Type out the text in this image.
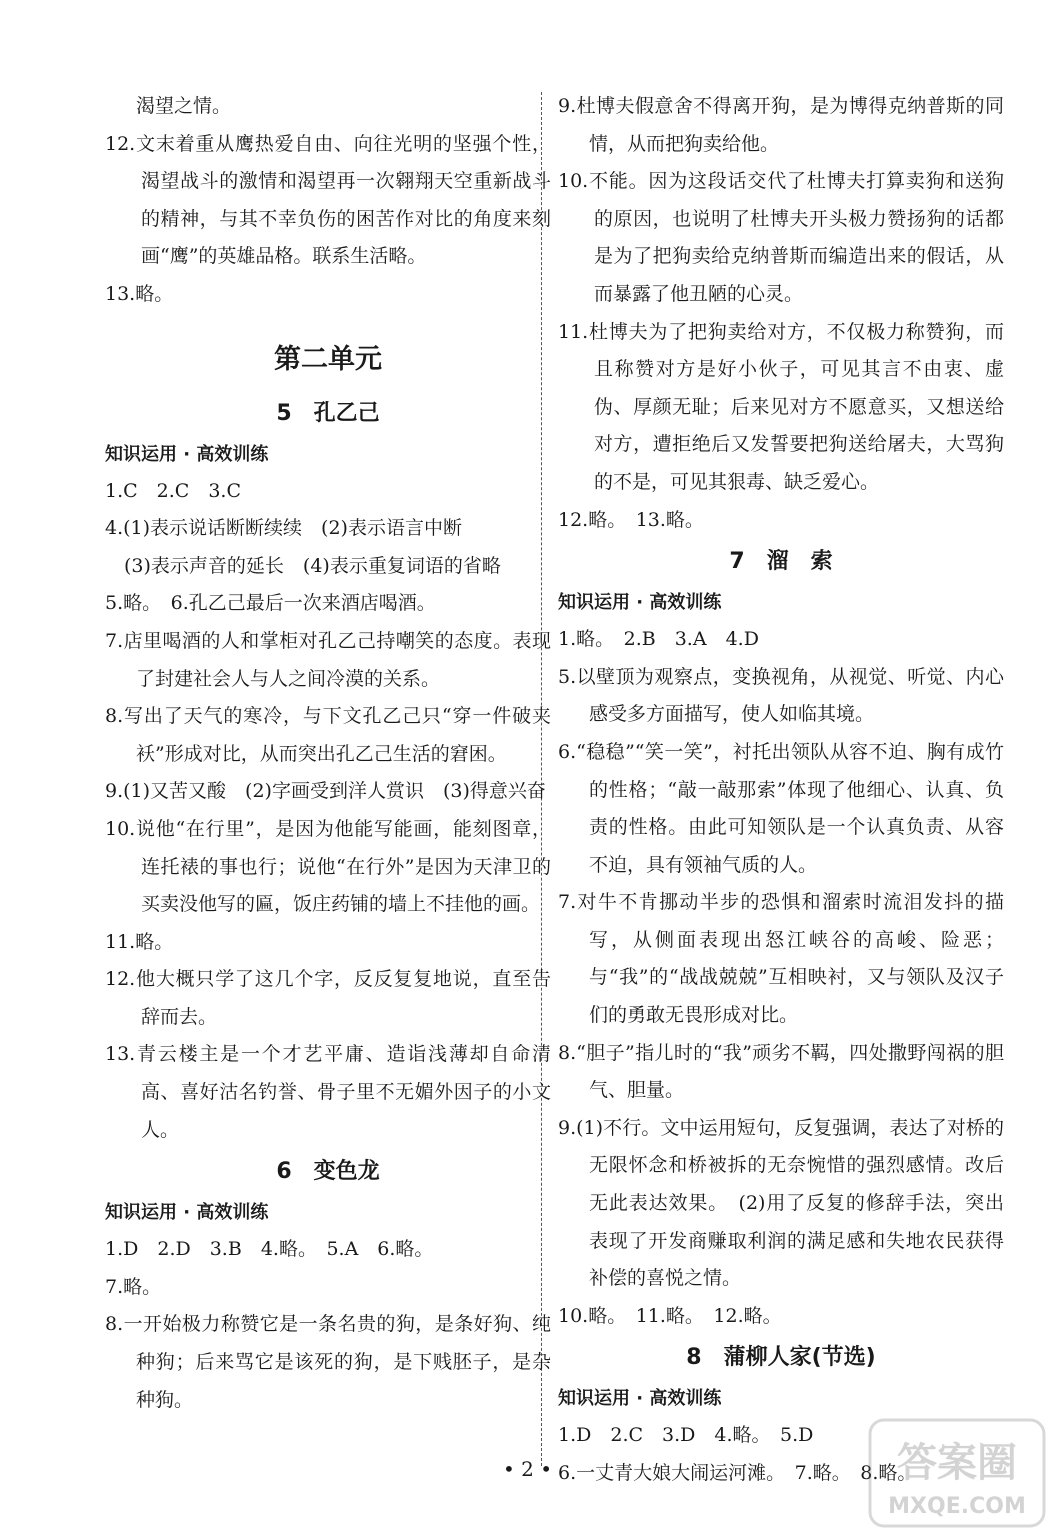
渴望之情。

12.文末着重从鹰热爱自由、向往光明的坚强个性，渴望战斗的激情和渴望再一次翱翔天空重新战斗的精神，与其不幸负伤的困苦作对比的角度来刻画“鹰”的英雄品格。联系生活略。

13.略。

第二单元
5 孔乙己
知识运用 · 高效训练

1.C　2.C　3.C

4.(1)表示说话断断续续　(2)表示语言中断

(3)表示声音的延长　(4)表示重复词语的省略

5.略。　6.孔乙己最后一次来酒店喝酒。

7.店里喝酒的人和掌柜对孔乙己持嘲笑的态度。表现了封建社会人与人之间冷漠的关系。

8.写出了天气的寒冷，与下文孔乙己只“穿一件破夹袄”形成对比，从而突出孔乙己生活的窘困。

9.(1)又苦又酸　(2)字画受到洋人赏识　(3)得意兴奋

10.说他“在行里”，是因为他能写能画，能刻图章，连托裱的事也行；说他“在行外”是因为天津卫的买卖没他写的匾，饭庄药铺的墙上不挂他的画。

11.略。

12.他大概只学了这几个字，反反复复地说，直至告辞而去。

13.青云楼主是一个才艺平庸、造诣浅薄却自命清高、喜好沽名钓誉、骨子里不无媚外因子的小文人。

6 变色龙
知识运用 · 高效训练

1.D　2.D　3.B　4.略。　5.A　6.略。

7.略。

8.一开始极力称赞它是一条名贵的狗，是条好狗、纯种狗；后来骂它是该死的狗，是下贱胚子，是杂种狗。

9.杜博夫假意舍不得离开狗，是为博得克纳普斯的同情，从而把狗卖给他。

10.不能。因为这段话交代了杜博夫打算卖狗和送狗的原因，也说明了杜博夫开头极力赞扬狗的话都是为了把狗卖给克纳普斯而编造出来的假话，从而暴露了他丑陋的心灵。

11.杜博夫为了把狗卖给对方，不仅极力称赞狗，而且称赞对方是好小伙子，可见其言不由衷、虚伪、厚颜无耻；后来见对方不愿意买，又想送给对方，遭拒绝后又发誓要把狗送给屠夫，大骂狗的不是，可见其狠毒、缺乏爱心。

12.略。　13.略。

7 溜　索
知识运用 · 高效训练

1.略。　2.B　3.A　4.D

5.以壁顶为观察点，变换视角，从视觉、听觉、内心感受多方面描写，使人如临其境。

6.“稳稳”“笑一笑”，衬托出领队从容不迫、胸有成竹的性格；“敲一敲那索”体现了他细心、认真、负责的性格。由此可知领队是一个认真负责、从容不迫，具有领袖气质的人。

7.对牛不肯挪动半步的恐惧和溜索时流泪发抖的描写，从侧面表现出怒江峡谷的高峻、险恶；与“我”的“战战兢兢”互相映衬，又与领队及汉子们的勇敢无畏形成对比。

8.“胆子”指儿时的“我”顽劣不羁，四处撒野闯祸的胆气、胆量。

9.(1)不行。文中运用短句，反复强调，表达了对桥的无限怀念和桥被拆的无奈惋惜的强烈感情。改后无此表达效果。　(2)用了反复的修辞手法，突出表现了开发商赚取利润的满足感和失地农民获得补偿的喜悦之情。

10.略。　11.略。　12.略。

8 蒲柳人家(节选)
知识运用 · 高效训练

1.D　2.C　3.D　4.略。　5.D

6.一丈青大娘大闹运河滩。　7.略。　8.略。

• 2 •	答案圈
MXQE.COM
